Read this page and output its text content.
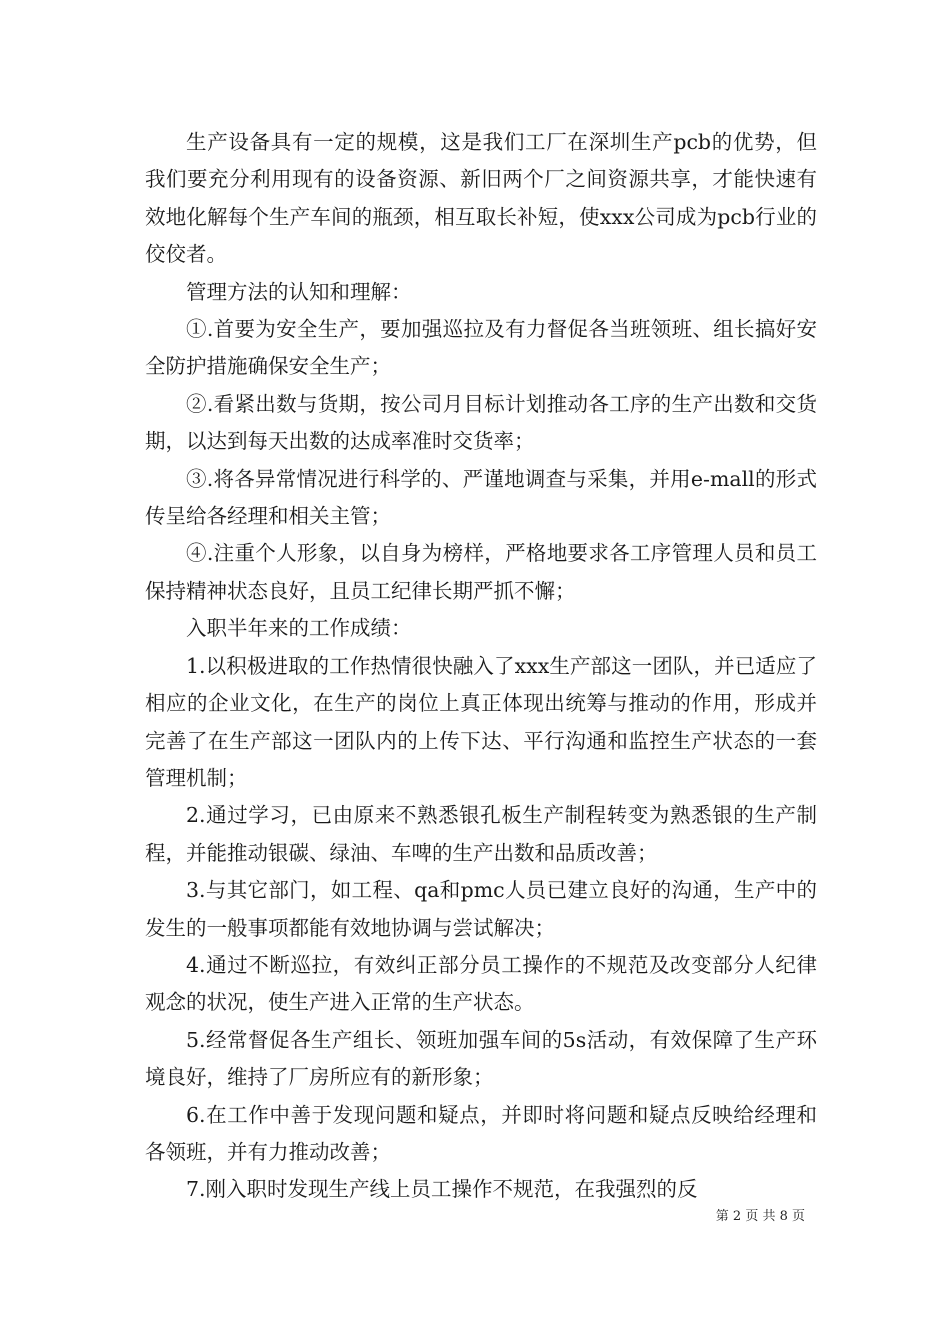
生产设备具有一定的规模，这是我们工厂在深圳生产pcb的优势，但我们要充分利用现有的设备资源、新旧两个厂之间资源共享，才能快速有效地化解每个生产车间的瓶颈，相互取长补短，使xxx公司成为pcb行业的佼佼者。

管理方法的认知和理解：

①.首要为安全生产，要加强巡拉及有力督促各当班领班、组长搞好安全防护措施确保安全生产；

②.看紧出数与货期，按公司月目标计划推动各工序的生产出数和交货期，以达到每天出数的达成率准时交货率；

③.将各异常情况进行科学的、严谨地调查与采集，并用e-mall的形式传呈给各经理和相关主管；

④.注重个人形象，以自身为榜样，严格地要求各工序管理人员和员工保持精神状态良好，且员工纪律长期严抓不懈；

入职半年来的工作成绩：

1.以积极进取的工作热情很快融入了xxx生产部这一团队，并已适应了相应的企业文化，在生产的岗位上真正体现出统筹与推动的作用，形成并完善了在生产部这一团队内的上传下达、平行沟通和监控生产状态的一套管理机制；

2.通过学习，已由原来不熟悉银孔板生产制程转变为熟悉银的生产制程，并能推动银碳、绿油、车啤的生产出数和品质改善；

3.与其它部门，如工程、qa和pmc人员已建立良好的沟通，生产中的发生的一般事项都能有效地协调与尝试解决；

4.通过不断巡拉，有效纠正部分员工操作的不规范及改变部分人纪律观念的状况，使生产进入正常的生产状态。

5.经常督促各生产组长、领班加强车间的5s活动，有效保障了生产环境良好，维持了厂房所应有的新形象；

6.在工作中善于发现问题和疑点，并即时将问题和疑点反映给经理和各领班，并有力推动改善；

7.刚入职时发现生产线上员工操作不规范，在我强烈的反

第 2 页 共 8 页
